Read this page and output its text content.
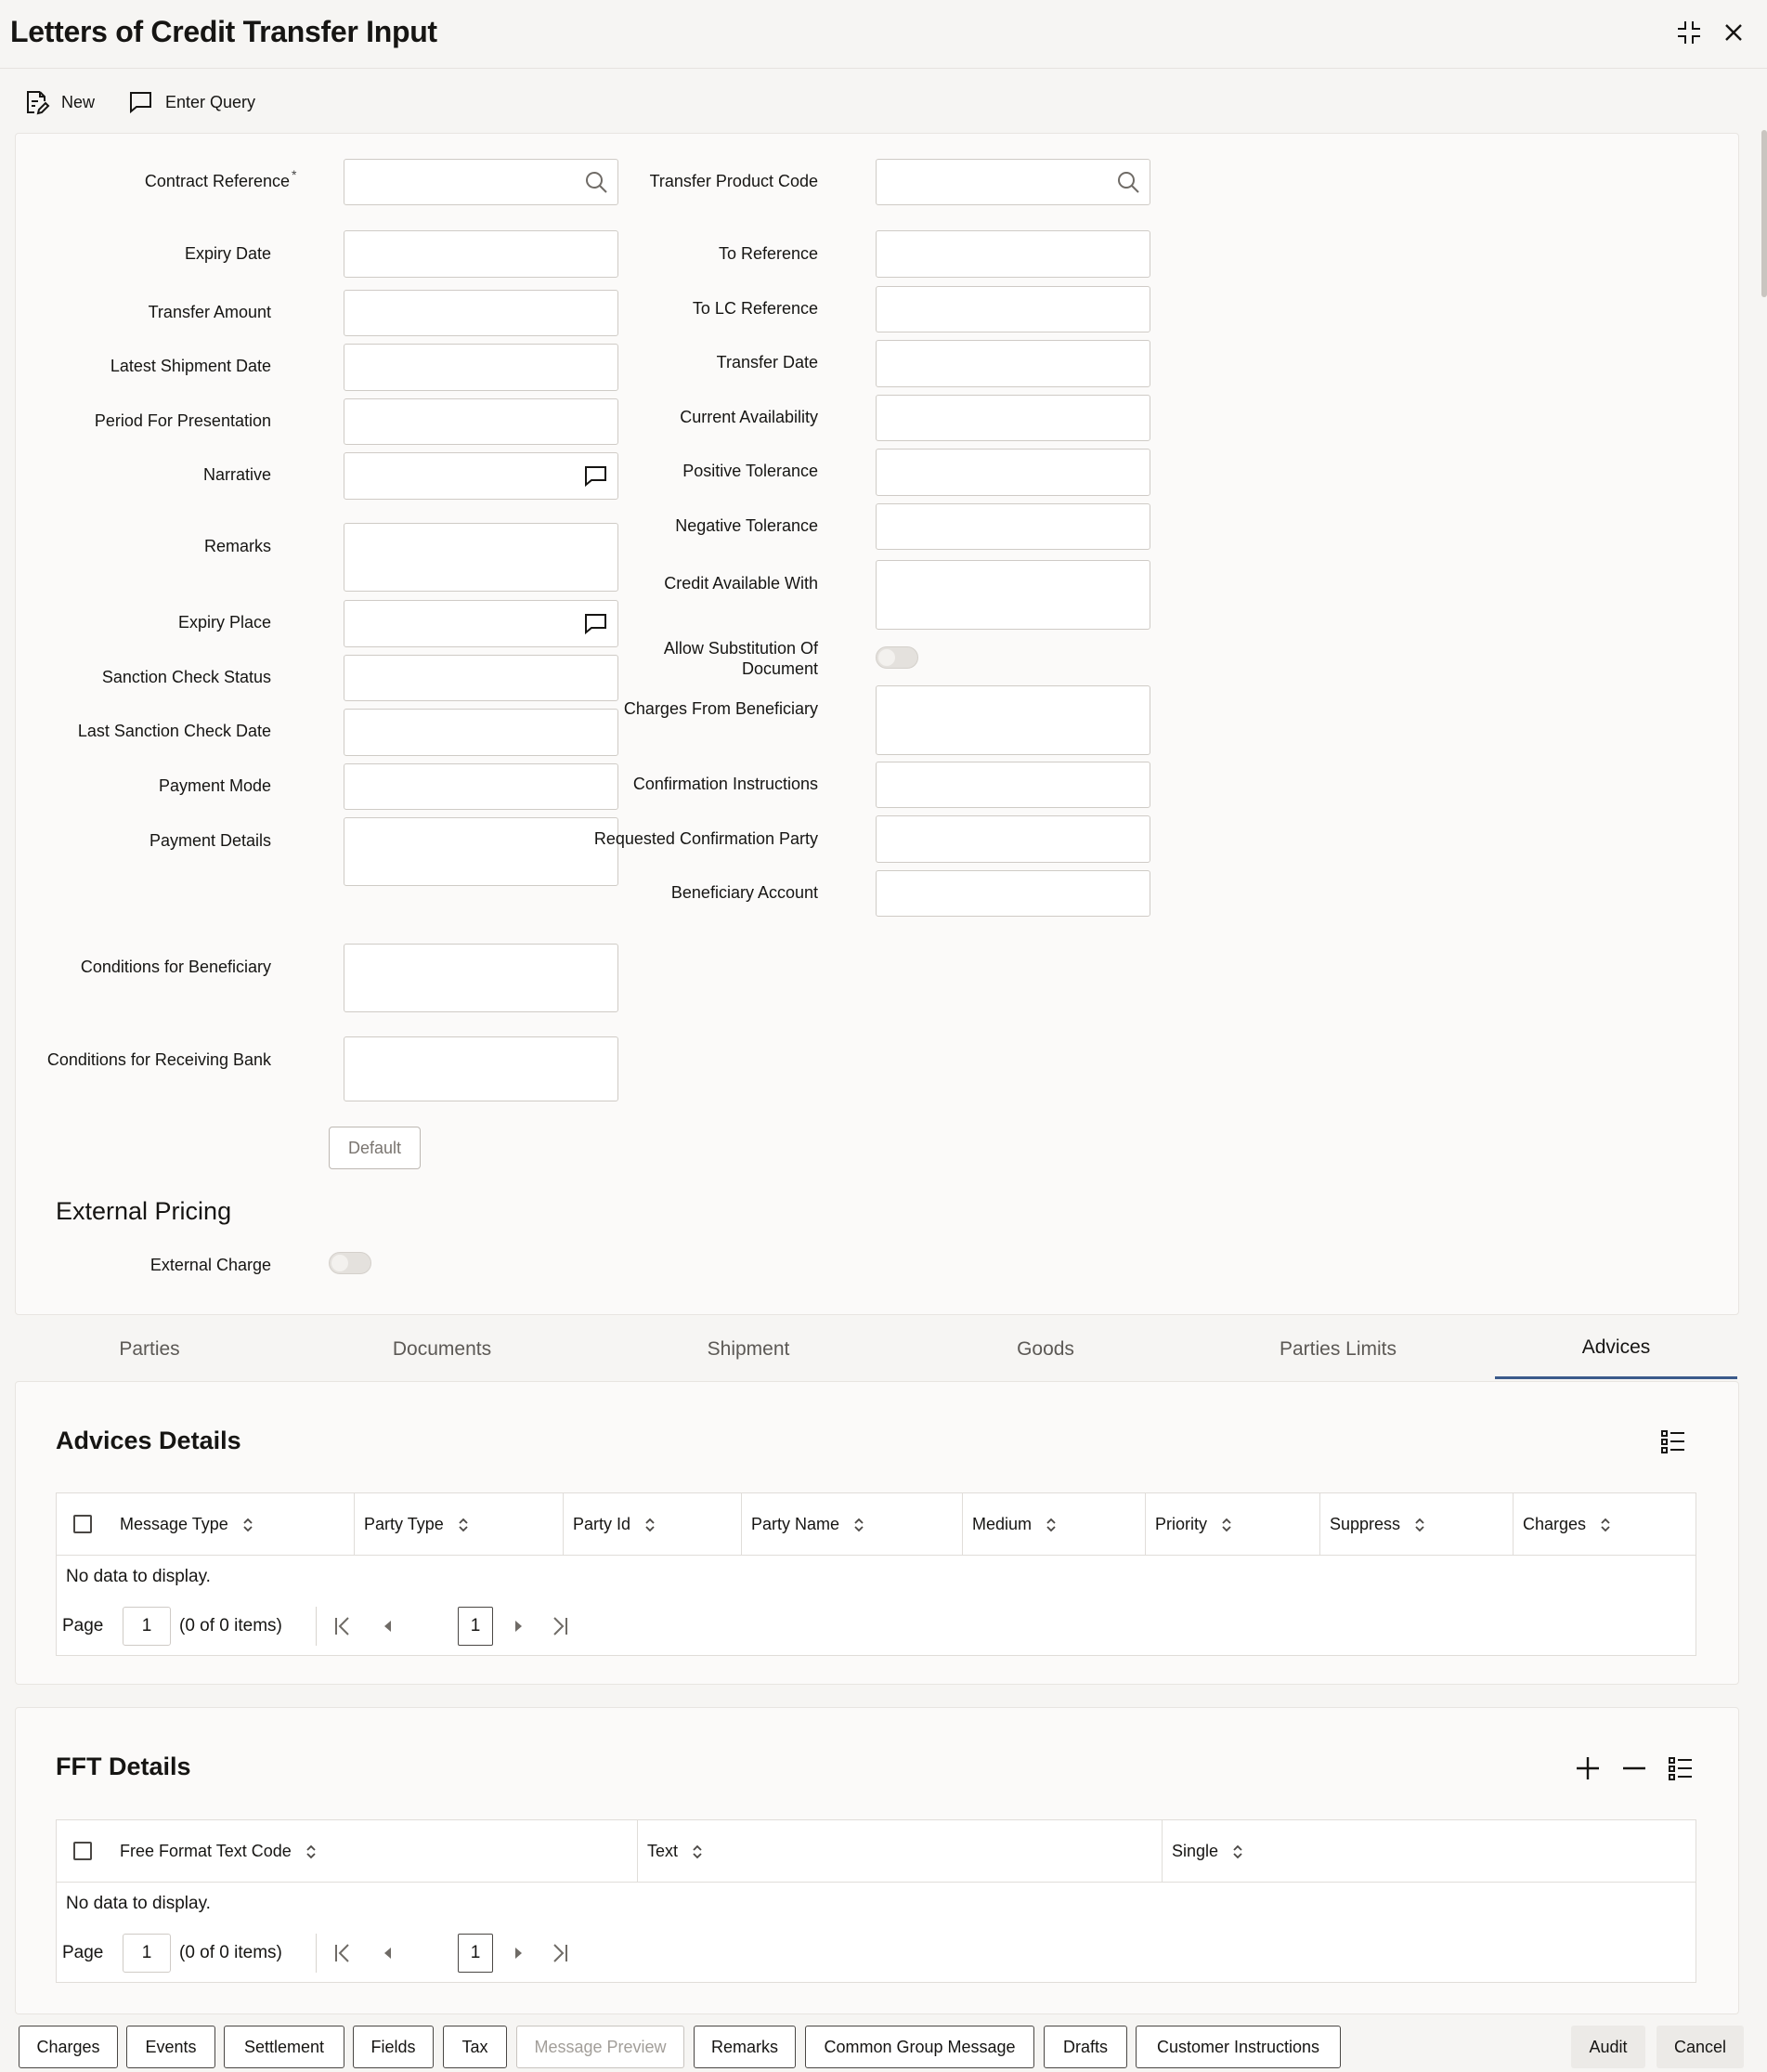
Letters of Credit Transfer Input
New	Enter Query
Contract Reference *
Expiry Date
Transfer Amount
Latest Shipment Date
Period For Presentation
Narrative
Remarks
Expiry Place
Sanction Check Status
Last Sanction Check Date
Payment Mode
Payment Details
Conditions for Beneficiary
Conditions for Receiving Bank
Default
External Pricing
External Charge
Transfer Product Code
To Reference
To LC Reference
Transfer Date
Current Availability
Positive Tolerance
Negative Tolerance
Credit Available With
Allow Substitution Of
Document
Charges From Beneficiary
Confirmation Instructions
Requested Confirmation Party
Beneficiary Account
Parties	Documents	Shipment	Goods	Parties Limits	Advices
Advices Details
Message Type	Party Type	Party Id	Party Name	Medium	Priority	Suppress	Charges
No data to display.
Page	1	(0 of 0 items)	1
FFT Details
Free Format Text Code	Text	Single
No data to display.
Page	1	(0 of 0 items)	1
Charges	Events	Settlement	Fields	Tax	Message Preview	Remarks	Common Group Message	Drafts	Customer Instructions	Audit	Cancel
